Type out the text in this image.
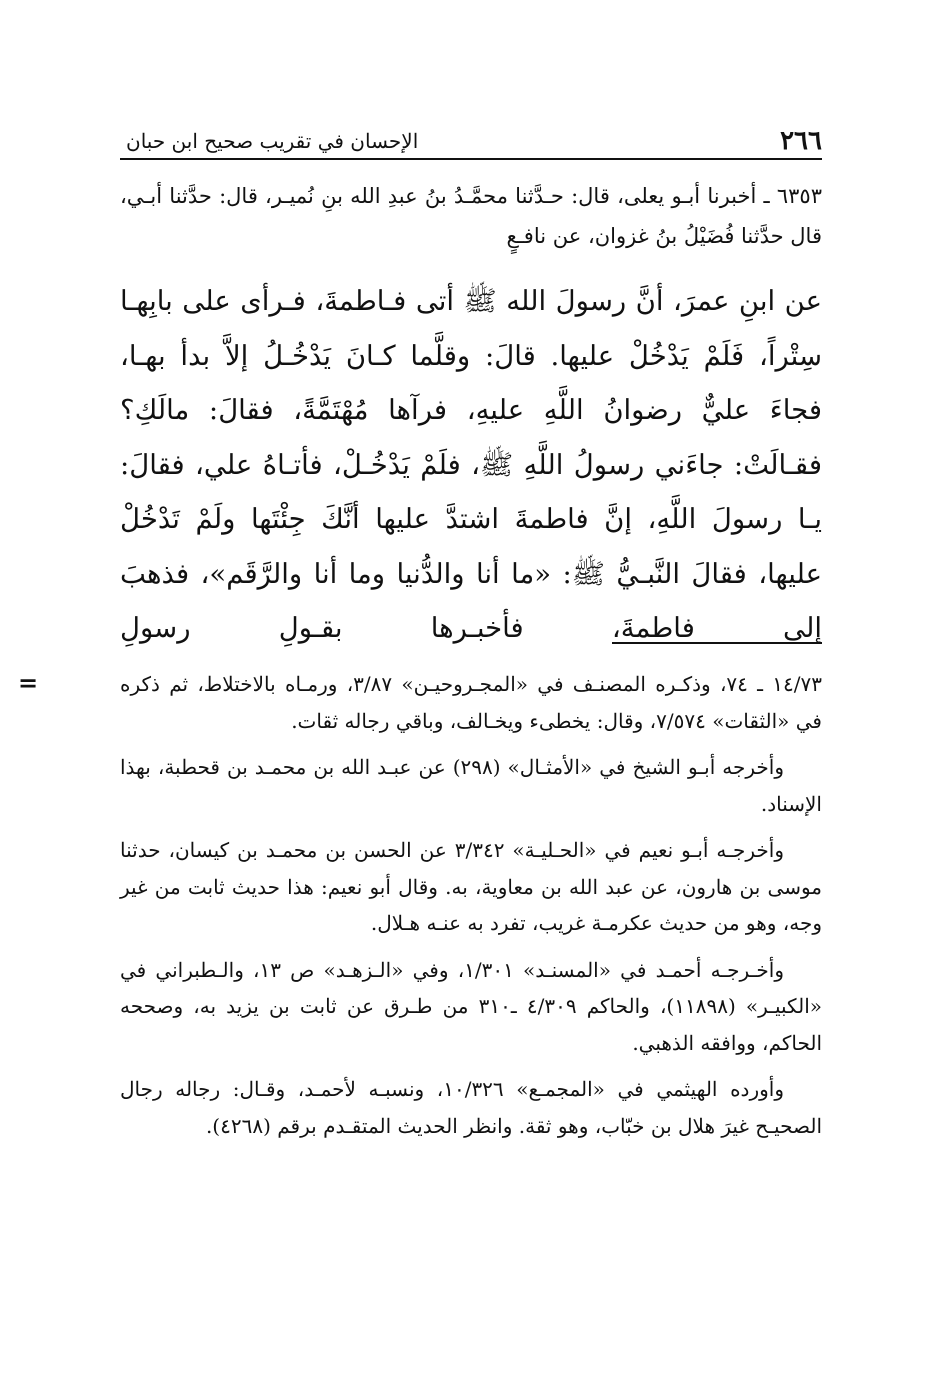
٢٦٦
الإحسان في تقريب صحيح ابن حبان
٦٣٥٣ ـ أخبرنا أبـو يعلى، قال: حـدَّثنا محمَّـدُ بنُ عبدِ الله بنِ نُميـر، قال: حدَّثنا أبـي، قال حدَّثنا فُضَيْلُ بنُ غزوان، عن نافـعٍ
عن ابنِ عمرَ، أنَّ رسولَ الله ﷺ أتى فـاطمةَ، فـرأى على بابِهـا سِتْراً، فَلَمْ يَدْخُلْ عليها. قالَ: وقلَّما كـانَ يَدْخُـلُ إلاَّ بدأ بهـا، فجاءَ عليٌّ رضوانُ اللَّهِ عليهِ، فرآها مُهْتَمَّةً، فقالَ: مالَكِ؟ فقـالَتْ: جاءَني رسولُ اللَّهِ ﷺ، فلَمْ يَدْخُـلْ، فأتـاهُ علي، فقالَ: يـا رسولَ اللَّهِ، إنَّ فاطمةَ اشتدَّ عليها أنَّكَ جِئْتَها ولَمْ تَدْخُلْ عليها، فقالَ النَّبـيُّ ﷺ: «ما أنا والدُّنيا وما أنا والرَّقَم»، فذهبَ إلى فاطمةَ، فأخبـرها بقـولِ رسولِ
=	١٤/٧٣ ـ ٧٤، وذكـره المصنـف في «المجـروحيـن» ٣/٨٧، ورمـاه بالاختلاط، ثم ذكره في «الثقات» ٧/٥٧٤، وقال: يخطىء ويخـالف، وباقي رجاله ثقات.

وأخرجه أبـو الشيخ في «الأمثـال» (٢٩٨) عن عبـد الله بن محمـد بن قحطبة، بهذا الإسناد.

وأخرجـه أبـو نعيم في «الحـليـة» ٣/٣٤٢ عن الحسن بن محمـد بن كيسان، حدثنا موسى بن هارون، عن عبد الله بن معاوية، به. وقال أبو نعيم: هذا حديث ثابت من غير وجه، وهو من حديث عكرمـة غريب، تفرد به عنـه هـلال.

وأخـرجـه أحمـد في «المسنـد» ١/٣٠١، وفي «الـزهـد» ص ١٣، والـطبراني في «الكبيـر» (١١٨٩٨)، والحاكم ٤/٣٠٩ ـ٣١٠ من طـرق عن ثابت بن يزيد به، وصححه الحاكم، ووافقه الذهبي.

وأورده الهيثمي في «المجمـع» ١٠/٣٢٦، ونسبـه لأحمـد، وقـال: رجاله رجال الصحيـح غيرَ هلال بن خبّاب، وهو ثقة. وانظر الحديث المتقـدم برقم (٤٢٦٨).
